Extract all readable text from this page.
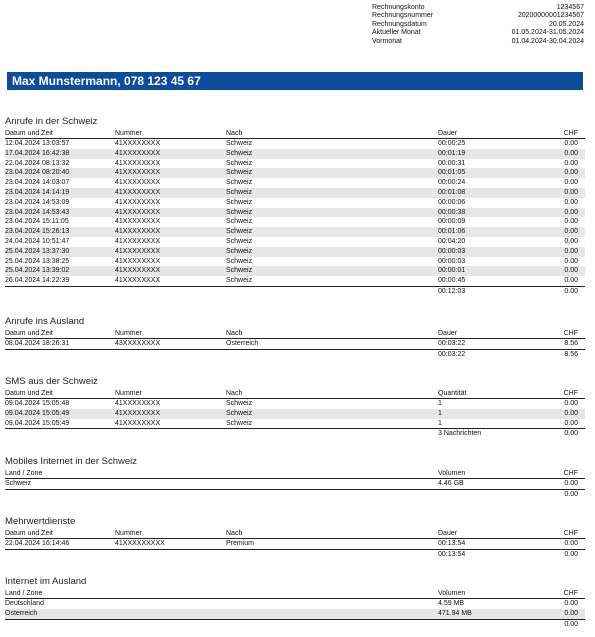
Rechnungskonto	1234567
Rechnungsnummer	20200000001234567
Rechnungsdatum	20.05.2024
Aktueller Monat	01.05.2024-31.05.2024
Vormonat	01.04.2024-30.04.2024
Max Munstermann, 078 123 45 67
Anrufe in der Schweiz
Datum und Zeit	Nummer	Nach	Dauer	CHF
12.04.2024 13:03:57	41XXXXXXXX	Schweiz	00:00:25	0.00
17.04.2024 16:42:38	41XXXXXXXX	Schweiz	00:01:19	0.00
22.04.2024 08:13:32	41XXXXXXXX	Schweiz	00:00:31	0.00
23.04.2024 08:20:40	41XXXXXXXX	Schweiz	00:01:05	0.00
23.04.2024 14:03:07	41XXXXXXXX	Schweiz	00:00:24	0.00
23.04.2024 14:14:19	41XXXXXXXX	Schweiz	00:01:08	0.00
23.04.2024 14:53:09	41XXXXXXXX	Schweiz	00:00:06	0.00
23.04.2024 14:53:43	41XXXXXXXX	Schweiz	00:00:38	0.00
23.04.2024 15:11:05	41XXXXXXXX	Schweiz	00:00:09	0.00
23.04.2024 15:26:13	41XXXXXXXX	Schweiz	00:01:06	0.00
24.04.2024 10:51:47	41XXXXXXXX	Schweiz	00:04:20	0.00
25.04.2024 13:37:30	41XXXXXXXX	Schweiz	00:00:03	0.00
25.04.2024 13:38:25	41XXXXXXXX	Schweiz	00:00:03	0.00
25.04.2024 13:39:02	41XXXXXXXX	Schweiz	00:00:01	0.00
26.04.2024 14:22:39	41XXXXXXXX	Schweiz	00:00:45	0.00
00:12:03	0.00
Anrufe ins Ausland
Datum und Zeit	Nummer	Nach	Dauer	CHF
08.04.2024 18:26:31	43XXXXXXXX	Osterreich	00:03:22	8.56
00:03:22	8.56
SMS aus der Schweiz
Datum und Zeit	Nummer	Nach	Quantität	CHF
09.04.2024 15:05:48	41XXXXXXXX	Schweiz	1	0.00
09.04.2024 15:05:49	41XXXXXXXX	Schweiz	1	0.00
09.04.2024 15:05:49	41XXXXXXXX	Schweiz	1	0.00
3 Nachrichten	0.00
Mobiles Internet in der Schweiz
Land / Zone	Volumen	CHF
Schweiz	4.46 GB	0.00
0.00
Mehrwertdienste
Datum und Zeit	Nummer	Nach	Dauer	CHF
22.04.2024 16:14:46	41XXXXXXXXX	Premium	00:13:54	0.00
00:13:54	0.00
Internet im Ausland
Land / Zone	Volumen	CHF
Deutschland	4.59 MB	0.00
Osterreich	471.94 MB	0.00
0.00
